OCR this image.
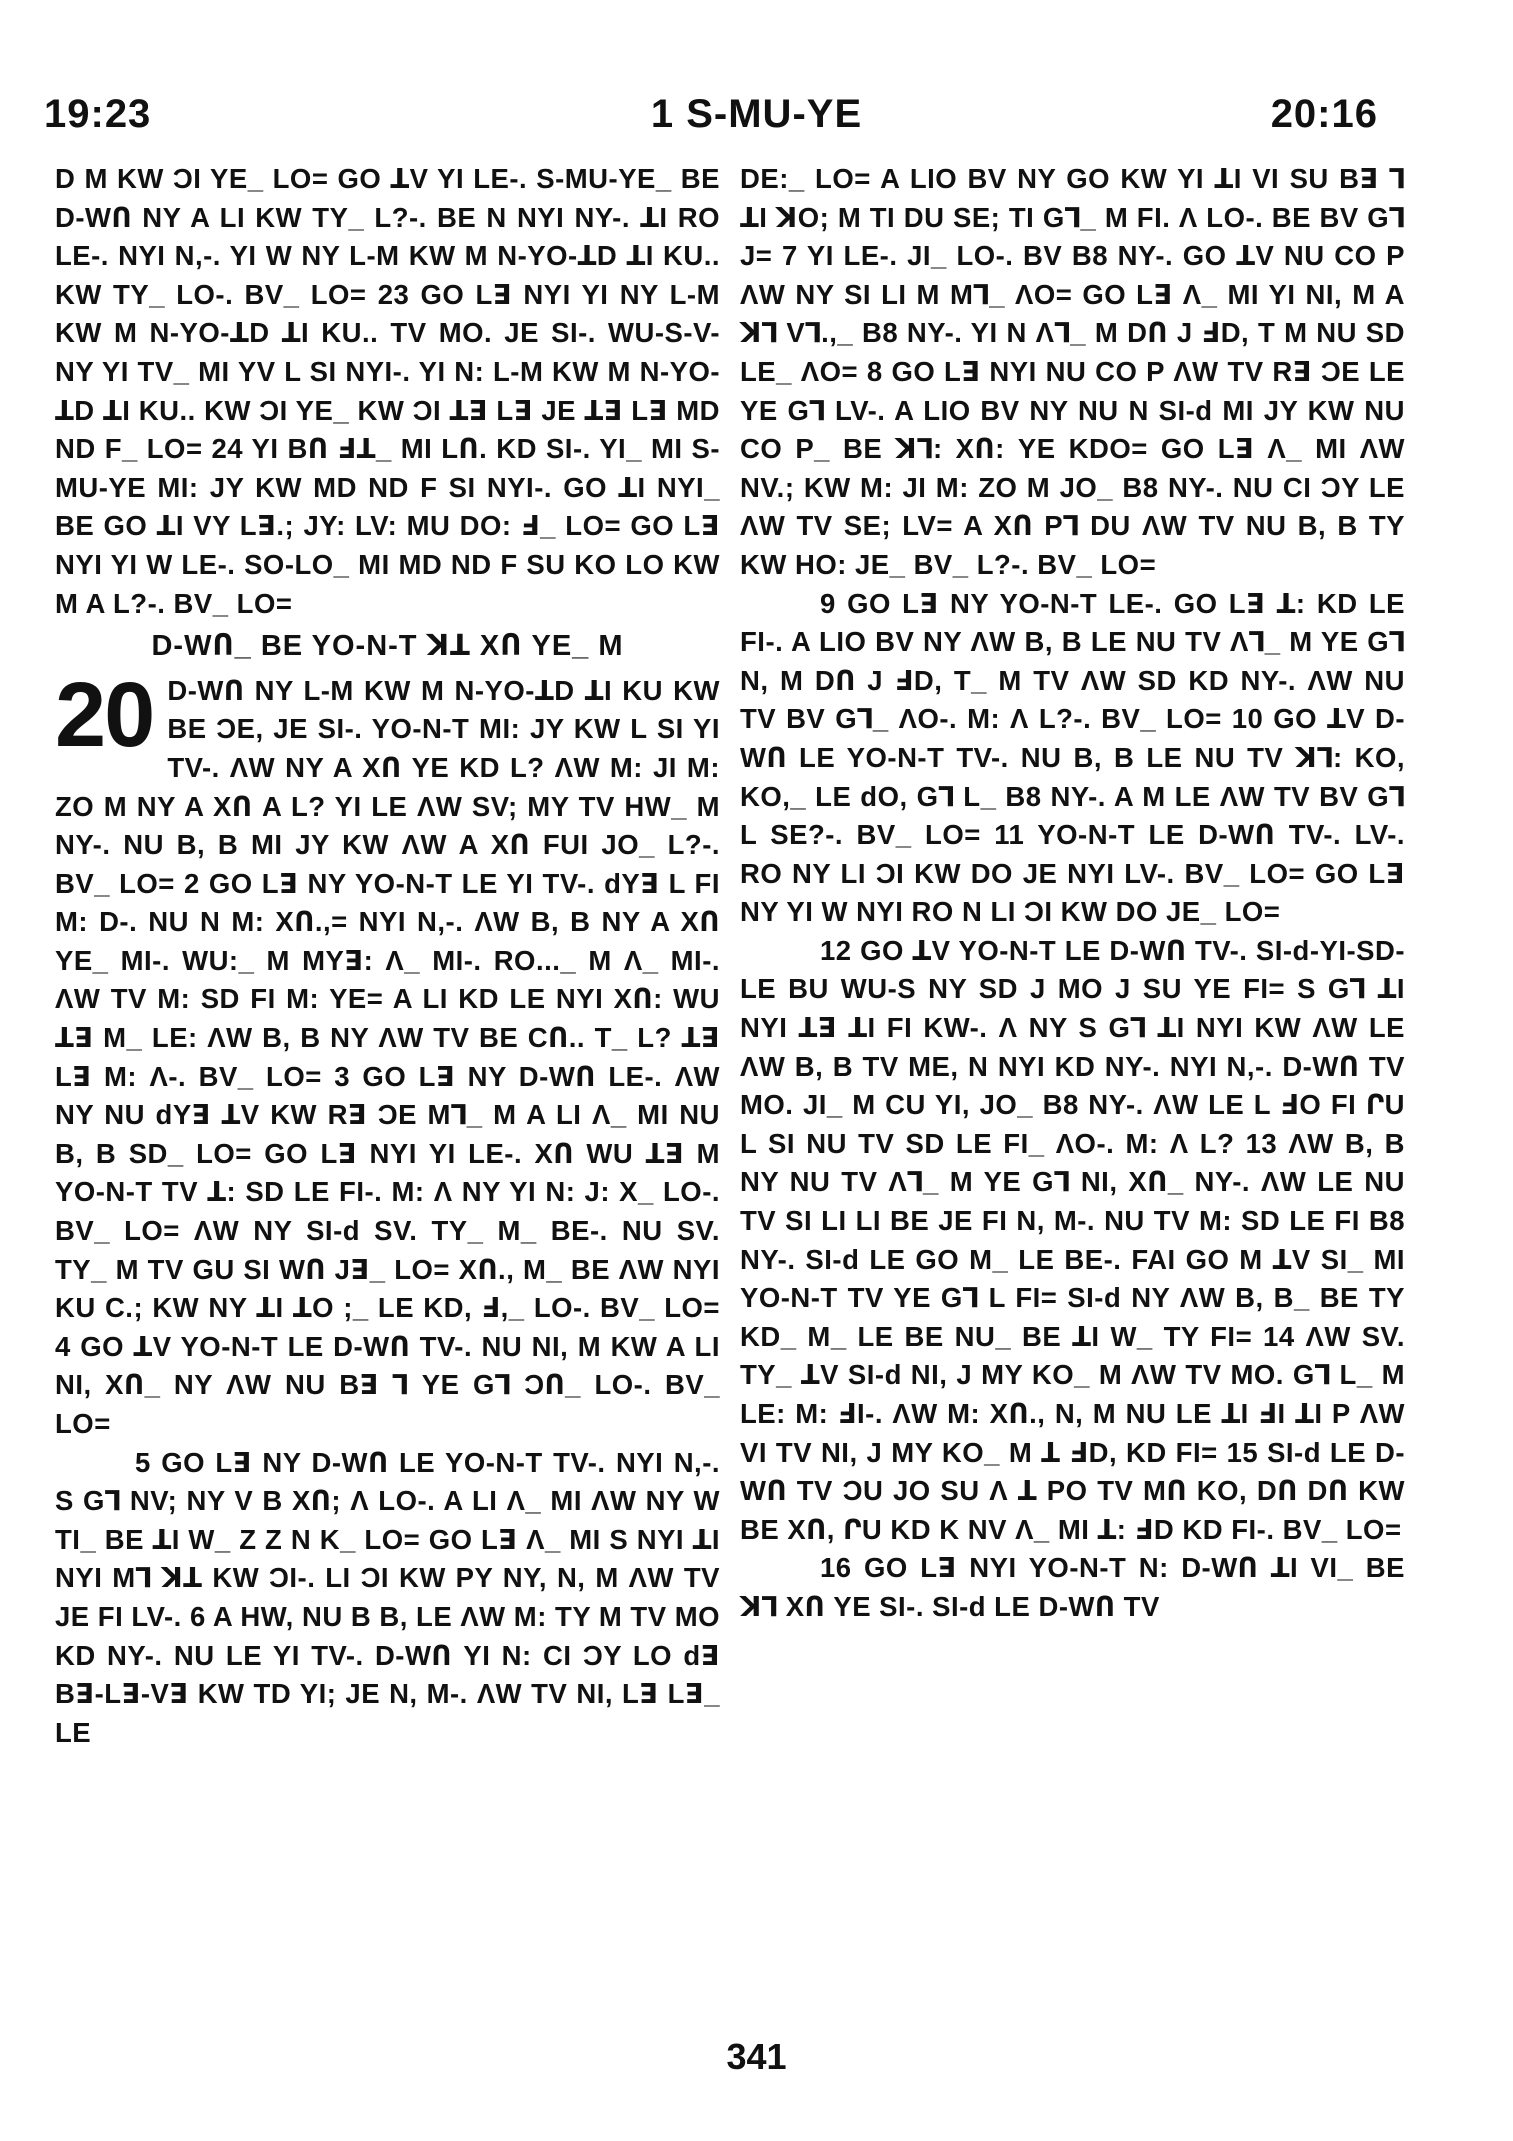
19:23	1 S-MU-YE	20:16

D M KW ƆI YE_ LO= GO ꓕV YI LE-. S-MU-YE_ BE D-WՈ NY A LI KW TY_ L?-. BE N NYI NY-. ꓕI RO LE-. NYI N,-. YI W NY L-M KW M N-YO-ꓕD ꓕI KU.. KW TY_ LO-. BV_ LO= 23 GO Lꓱ NYI YI NY L-M KW M N-YO-ꓕD ꓕI KU.. TV MO. JE SI-. WU-S-V- NY YI TV_ MI YV L SI NYI-. YI N: L-M KW M N-YO-ꓕD ꓕI KU.. KW ƆI YE_ KW ƆI ꓕꓱ Lꓱ JE ꓕꓱ Lꓱ MD ND F_ LO= 24 YI BՈ ꓞꓕ_ MI LՈ. KD SI-. YI_ MI S-MU-YE MI: JY KW MD ND F SI NYI-. GO ꓕI NYI_ BE GO ꓕI VY Lꓱ.; JY: LV: MU DO: ꓞ_ LO= GO Lꓱ NYI YI W LE-. SO-LO_ MI MD ND F SU KO LO KW M A L?-. BV_ LO=

D-WՈ_ BE YO-N-T ꓘꓕ XՈ YE_ M
20 D-WՈ NY L-M KW M N-YO-ꓕD ꓕI KU KW BE ƆE, JE SI-. YO-N-T MI: JY KW L SI YI TV-. ΛW NY A XՈ YE KD L? ΛW M: JI M: ZO M NY A XՈ A L? YI LE ΛW SV; MY TV HW_ M NY-. NU B, B MI JY KW ΛW A XՈ FUI JO_ L?-. BV_ LO= 2 GO Lꓱ NY YO-N-T LE YI TV-. dYꓱ L FI M: D-. NU N M: XՈ.,= NYI N,-. ΛW B, B NY A XՈ YE_ MI-. WU:_ M MYꓱ: Λ_ MI-. RO..._ M Λ_ MI-. ΛW TV M: SD FI M: YE= A LI KD LE NYI XՈ: WU ꓕꓱ M_ LE: ΛW B, B NY ΛW TV BE CՈ.. T_ L? ꓕꓱ Lꓱ M: Λ-. BV_ LO= 3 GO Lꓱ NY D-WՈ LE-. ΛW NY NU dYꓱ ꓕV KW Rꓱ ƆE Mꓶ_ M A LI Λ_ MI NU B, B SD_ LO= GO Lꓱ NYI YI LE-. XՈ WU ꓕꓱ M YO-N-T TV ꓕ: SD LE FI-. M: Λ NY YI N: J: X_ LO-. BV_ LO= ΛW NY SI-d SV. TY_ M_ BE-. NU SV. TY_ M TV GU SI WՈ Jꓱ_ LO= XՈ., M_ BE ΛW NYI KU C.; KW NY ꓕI ꓕO ;_ LE KD, ꓞ,_ LO-. BV_ LO= 4 GO ꓕV YO-N-T LE D-WՈ TV-. NU NI, M KW A LI NI, XՈ_ NY ΛW NU Bꓱ ꓶ YE Gꓶ ƆՈ_ LO-. BV_ LO=

5 GO Lꓱ NY D-WՈ LE YO-N-T TV-. NYI N,-. S Gꓶ NV; NY V B XՈ; Λ LO-. A LI Λ_ MI ΛW NY W TI_ BE ꓕI W_ Z Z N K_ LO= GO Lꓱ Λ_ MI S NYI ꓕI NYI Mꓶ ꓘꓕ KW ƆI-. LI ƆI KW PY NY, N, M ΛW TV JE FI LV-. 6 A HW, NU B B, LE ΛW M: TY M TV MO KD NY-. NU LE YI TV-. D-WՈ YI N: CI ƆY LO dꓱ Bꓱ-Lꓱ-Vꓱ KW TD YI; JE N, M-. ΛW TV NI, Lꓱ Lꓱ_ LE

DE:_ LO= A LIO BV NY GO KW YI ꓕI VI SU Bꓱ ꓶ ꓕI ꓘO; M TI DU SE; TI Gꓶ_ M FI. Λ LO-. BE BV Gꓶ J= 7 YI LE-. JI_ LO-. BV B8 NY-. GO ꓕV NU CO P ΛW NY SI LI M Mꓶ_ ΛO= GO Lꓱ Λ_ MI YI NI, M A ꓘꓶ Vꓶ.,_ B8 NY-. YI N Λꓶ_ M DՈ J ꓞD, T M NU SD LE_ ΛO= 8 GO Lꓱ NYI NU CO P ΛW TV Rꓱ ƆE LE YE Gꓶ LV-. A LIO BV NY NU N SI-d MI JY KW NU CO P_ BE ꓘꓶ: XՈ: YE KDO= GO Lꓱ Λ_ MI ΛW NV.; KW M: JI M: ZO M JO_ B8 NY-. NU CI ƆY LE ΛW TV SE; LV= A XՈ Pꓶ DU ΛW TV NU B, B TY KW HO: JE_ BV_ L?-. BV_ LO=

9 GO Lꓱ NY YO-N-T LE-. GO Lꓱ ꓕ: KD LE FI-. A LIO BV NY ΛW B, B LE NU TV Λꓶ_ M YE Gꓶ N, M DՈ J ꓞD, T_ M TV ΛW SD KD NY-. ΛW NU TV BV Gꓶ_ ΛO-. M: Λ L?-. BV_ LO= 10 GO ꓕV D-WՈ LE YO-N-T TV-. NU B, B LE NU TV ꓘꓶ: KO, KO,_ LE dO, Gꓶ L_ B8 NY-. A M LE ΛW TV BV Gꓶ L SE?-. BV_ LO= 11 YO-N-T LE D-WՈ TV-. LV-. RO NY LI ƆI KW DO JE NYI LV-. BV_ LO= GO Lꓱ NY YI W NYI RO N LI ƆI KW DO JE_ LO=

12 GO ꓕV YO-N-T LE D-WՈ TV-. SI-d-YI-SD-LE BU WU-S NY SD J MO J SU YE FI= S Gꓶ ꓕI NYI ꓕꓱ ꓕI FI KW-. Λ NY S Gꓶ ꓕI NYI KW ΛW LE ΛW B, B TV ME, N NYI KD NY-. NYI N,-. D-WՈ TV MO. JI_ M CU YI, JO_ B8 NY-. ΛW LE L ꓞO FI ՐU L SI NU TV SD LE FI_ ΛO-. M: Λ L? 13 ΛW B, B NY NU TV Λꓶ_ M YE Gꓶ NI, XՈ_ NY-. ΛW LE NU TV SI LI LI BE JE FI N, M-. NU TV M: SD LE FI B8 NY-. SI-d LE GO M_ LE BE-. FAI GO M ꓕV SI_ MI YO-N-T TV YE Gꓶ L FI= SI-d NY ΛW B, B_ BE TY KD_ M_ LE BE NU_ BE ꓕI W_ TY FI= 14 ΛW SV. TY_ ꓕV SI-d NI, J MY KO_ M ΛW TV MO. Gꓶ L_ M LE: M: ꓞI-. ΛW M: XՈ., N, M NU LE ꓕI ꓞI ꓕI P ΛW VI TV NI, J MY KO_ M ꓕ ꓞD, KD FI= 15 SI-d LE D-WՈ TV ƆU JO SU Λ ꓕ PO TV MՈ KO, DՈ DՈ KW BE XՈ, ՐU KD K NV Λ_ MI ꓕ: ꓞD KD FI-. BV_ LO=

16 GO Lꓱ NYI YO-N-T N: D-WՈ ꓕI VI_ BE ꓘꓶ XՈ YE SI-. SI-d LE D-WՈ TV

341
